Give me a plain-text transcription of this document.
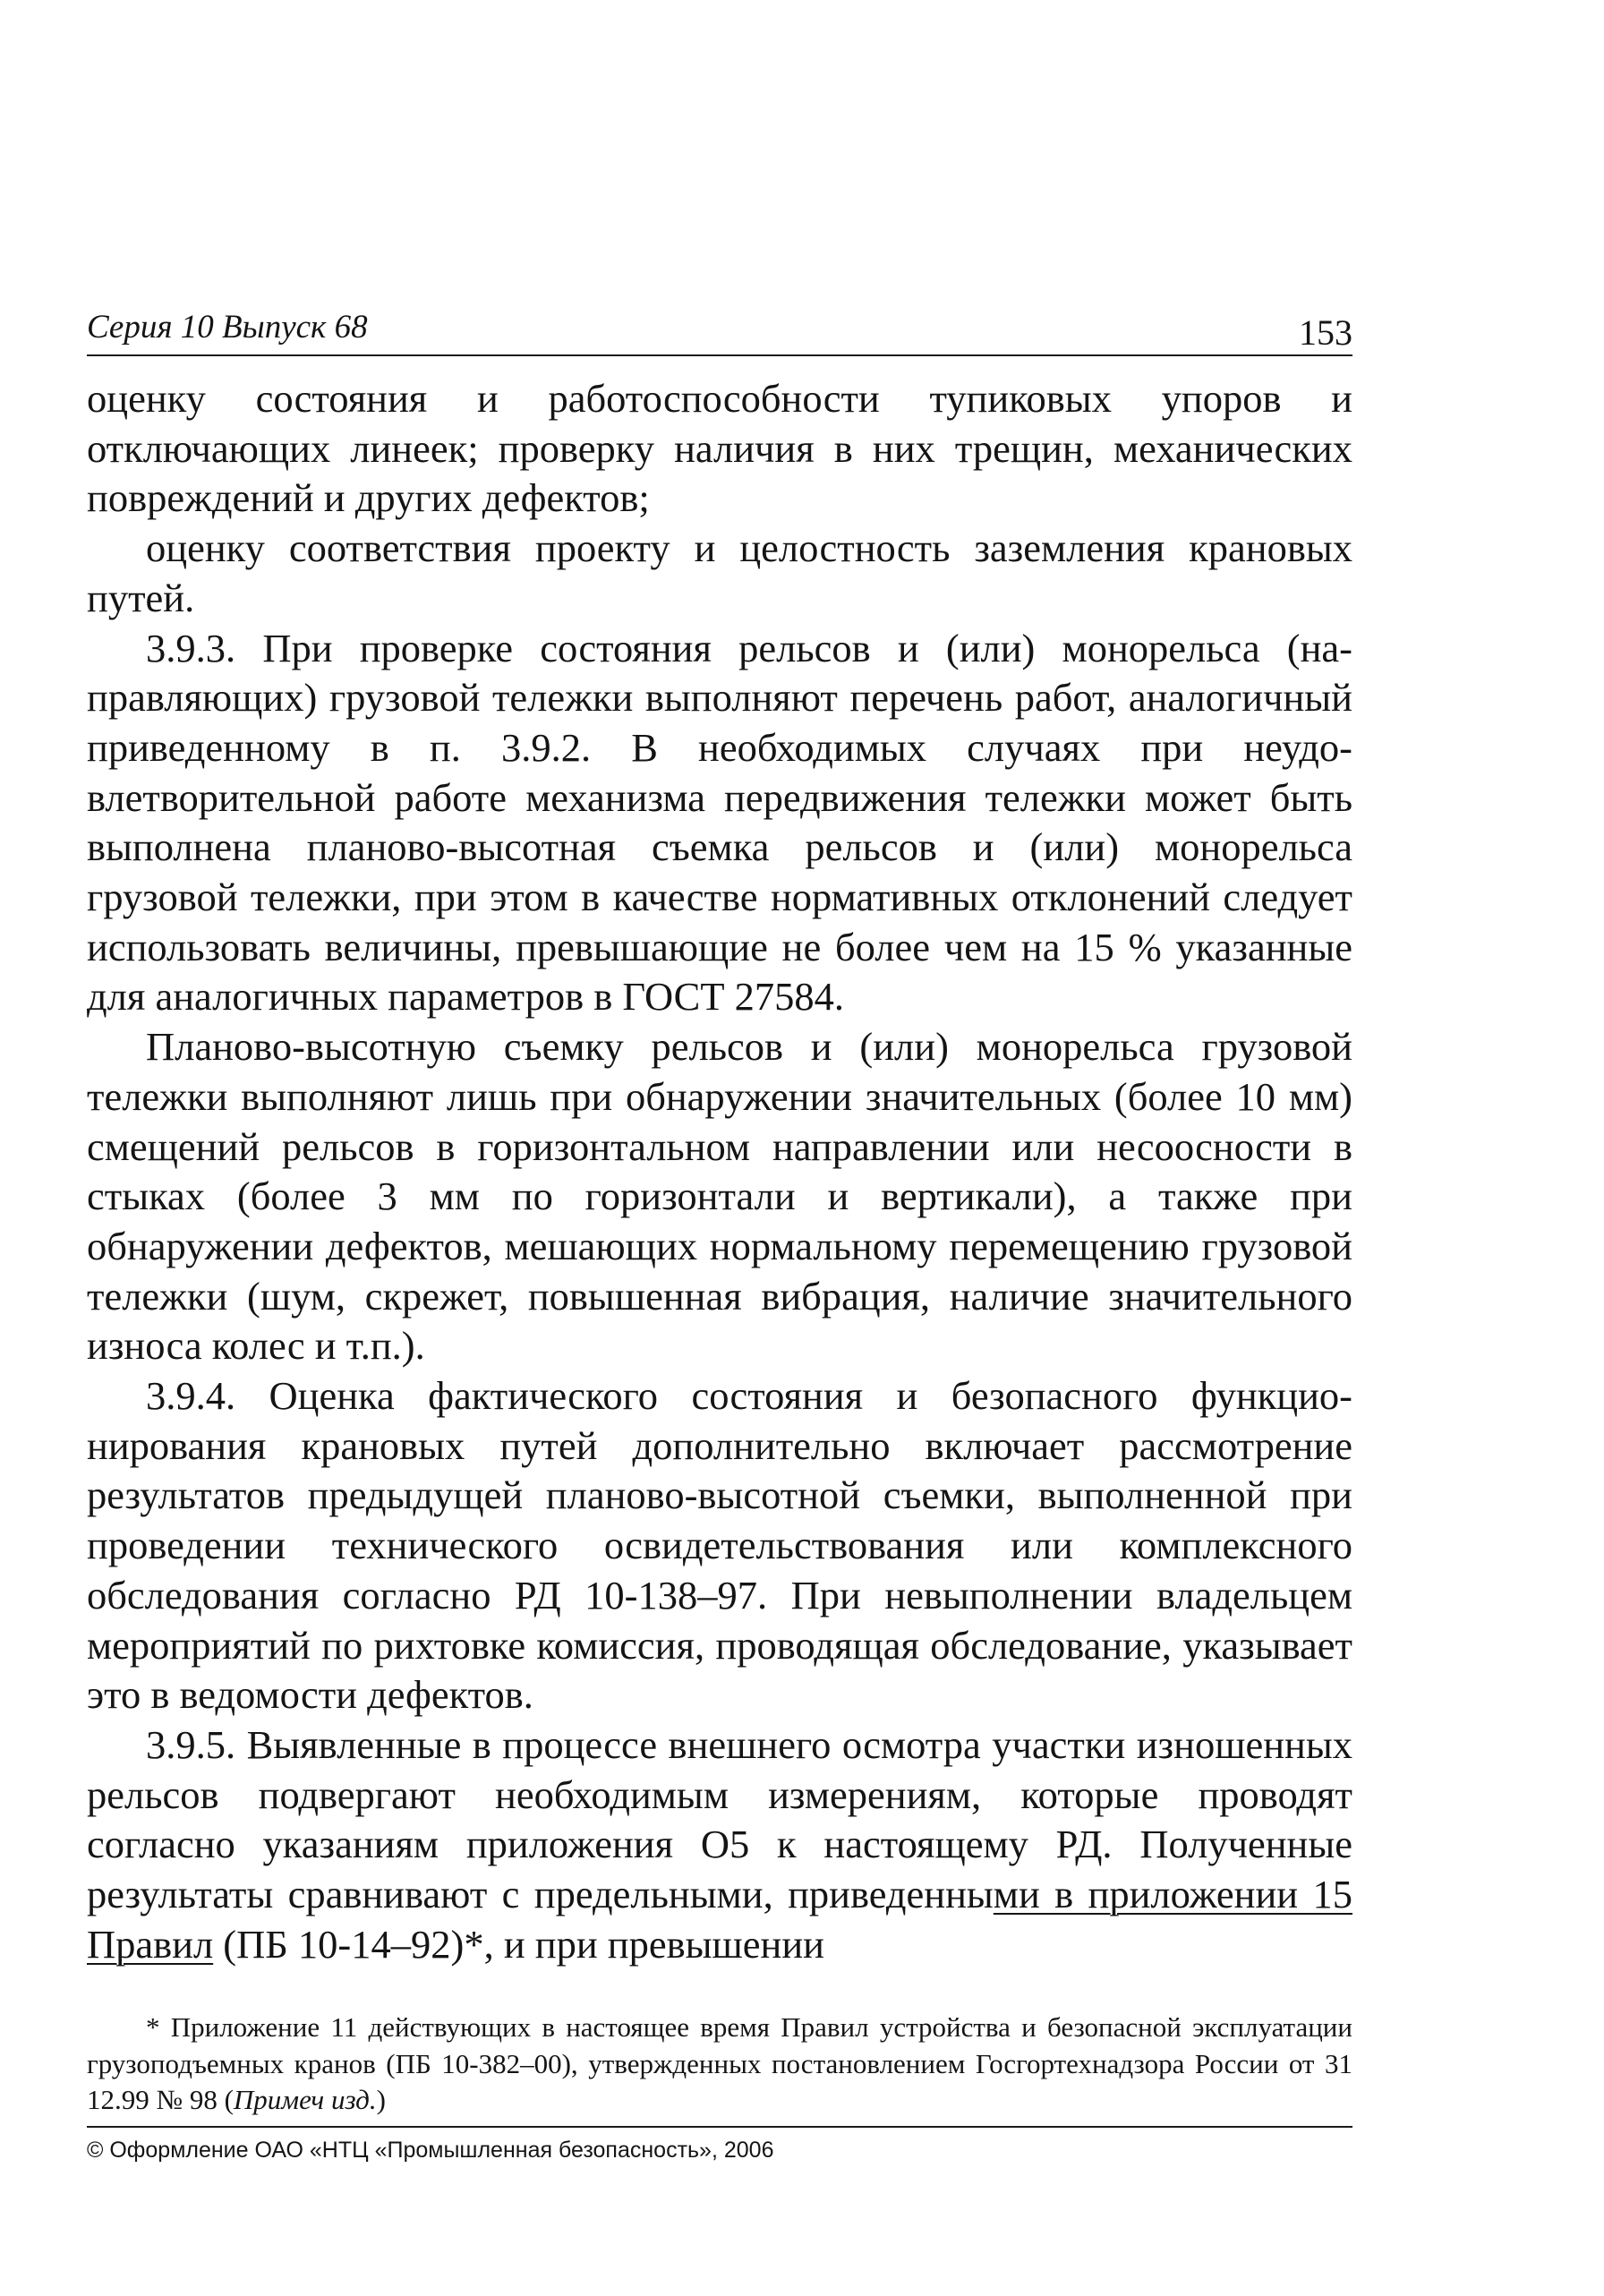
Серия 10 Выпуск 68	153

оценку состояния и работоспособности тупиковых упоров и отключающих линеек; проверку наличия в них трещин, механических повреждений и других дефектов;

оценку соответствия проекту и целостность заземления крановых путей.

3.9.3. При проверке состояния рельсов и (или) монорельса (направляющих) грузовой тележки выполняют перечень работ, аналогичный приведенному в п. 3.9.2. В необходимых случаях при неудовлетворительной работе механизма передвижения тележки может быть выполнена планово-высотная съемка рельсов и (или) монорельса грузовой тележки, при этом в качестве нормативных отклонений следует использовать величины, превышающие не более чем на 15 % указанные для аналогичных параметров в ГОСТ 27584.

Планово-высотную съемку рельсов и (или) монорельса грузовой тележки выполняют лишь при обнаружении значительных (более 10 мм) смещений рельсов в горизонтальном направлении или несоосности в стыках (более 3 мм по горизонтали и вертикали), а также при обнаружении дефектов, мешающих нормальному перемещению грузовой тележки (шум, скрежет, повышенная вибрация, наличие значительного износа колес и т.п.).

3.9.4. Оценка фактического состояния и безопасного функционирования крановых путей дополнительно включает рассмотрение результатов предыдущей планово-высотной съемки, выполненной при проведении технического освидетельствования или комплексного обследования согласно РД 10-138–97. При невыполнении владельцем мероприятий по рихтовке комиссия, проводящая обследование, указывает это в ведомости дефектов.

3.9.5. Выявленные в процессе внешнего осмотра участки изношенных рельсов подвергают необходимым измерениям, которые проводят согласно указаниям приложения О5 к настоящему РД. Полученные результаты сравнивают с предельными, приведенными в приложении 15 Правил (ПБ 10-14–92)*, и при превышении

* Приложение 11 действующих в настоящее время Правил устройства и безопасной эксплуатации грузоподъемных кранов (ПБ 10-382–00), утвержденных постановлением Госгортехнадзора России от 31 12.99 № 98 (Примеч изд.)

© Оформление ОАО «НТЦ «Промышленная безопасность», 2006
